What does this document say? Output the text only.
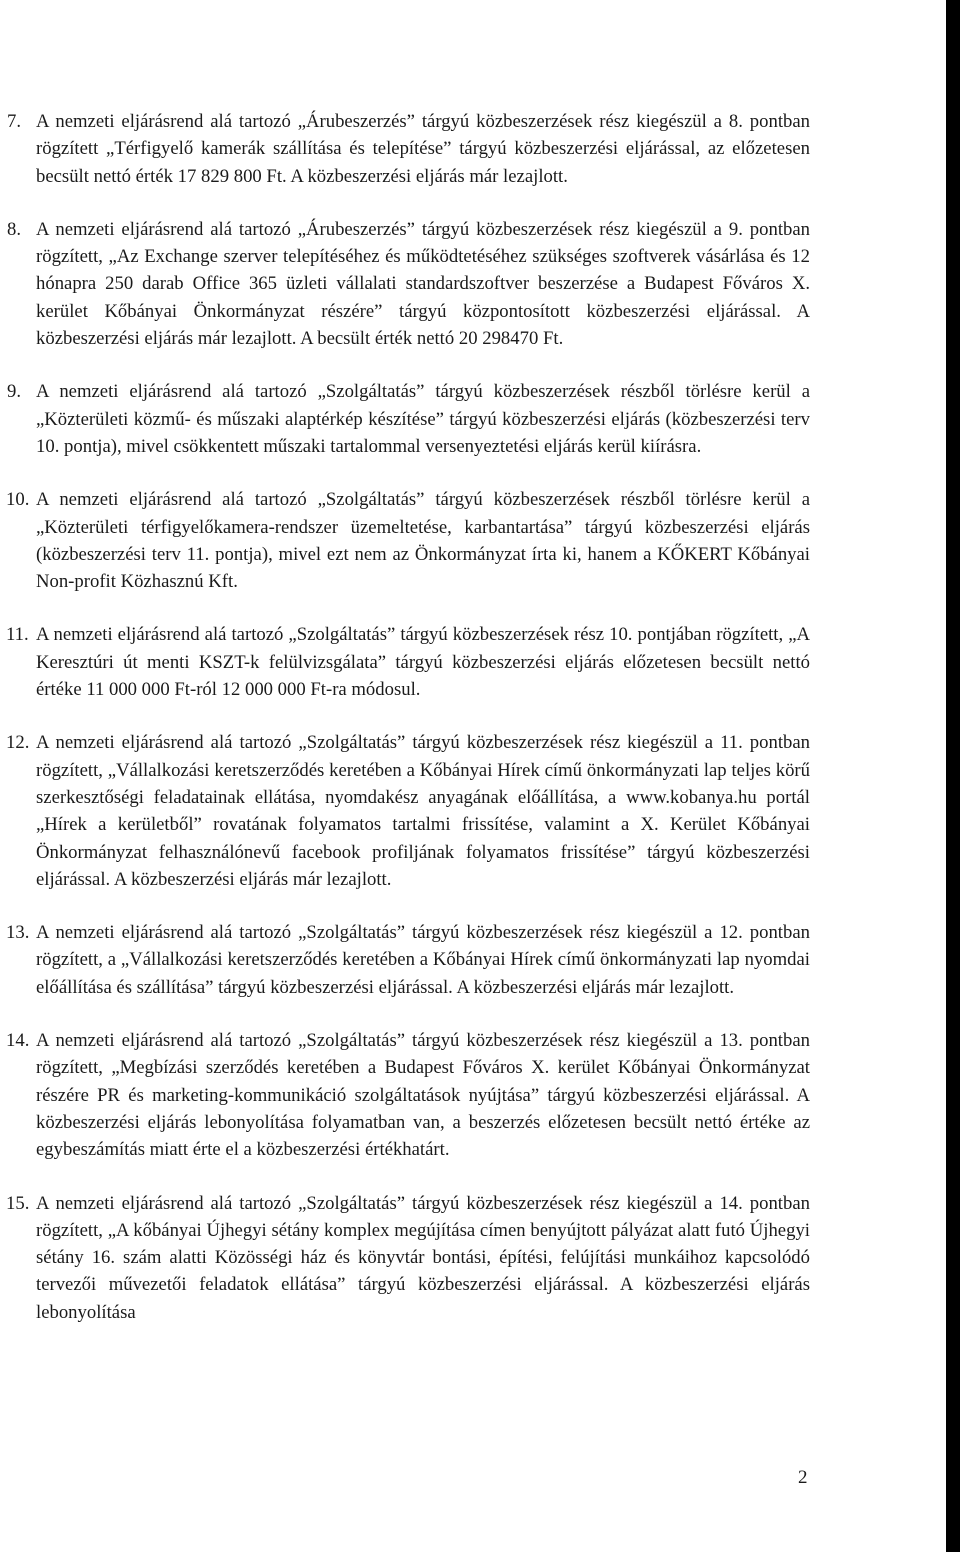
7. A nemzeti eljárásrend alá tartozó „Árubeszerzés” tárgyú közbeszerzések rész kiegészül a 8. pontban rögzített „Térfigyelő kamerák szállítása és telepítése” tárgyú közbeszerzési eljárással, az előzetesen becsült nettó érték 17 829 800 Ft. A közbeszerzési eljárás már lezajlott.
8. A nemzeti eljárásrend alá tartozó „Árubeszerzés” tárgyú közbeszerzések rész kiegészül a 9. pontban rögzített, „Az Exchange szerver telepítéséhez és működtetéséhez szükséges szoftverek vásárlása és 12 hónapra 250 darab Office 365 üzleti vállalati standardszoftver beszerzése a Budapest Főváros X. kerület Kőbányai Önkormányzat részére” tárgyú központosított közbeszerzési eljárással. A közbeszerzési eljárás már lezajlott. A becsült érték nettó 20 298470 Ft.
9. A nemzeti eljárásrend alá tartozó „Szolgáltatás” tárgyú közbeszerzések részből törlésre kerül a „Közterületi közmű- és műszaki alaptérkép készítése” tárgyú közbeszerzési eljárás (közbeszerzési terv 10. pontja), mivel csökkentett műszaki tartalommal versenyeztetési eljárás kerül kiírásra.
10. A nemzeti eljárásrend alá tartozó „Szolgáltatás” tárgyú közbeszerzések részből törlésre kerül a „Közterületi térfigyelőkamera-rendszer üzemeltetése, karbantartása” tárgyú közbeszerzési eljárás (közbeszerzési terv 11. pontja), mivel ezt nem az Önkormányzat írta ki, hanem a KŐKERT Kőbányai Non-profit Közhasznú Kft.
11. A nemzeti eljárásrend alá tartozó „Szolgáltatás” tárgyú közbeszerzések rész 10. pontjában rögzített, „A Keresztúri út menti KSZT-k felülvizsgálata” tárgyú közbeszerzési eljárás előzetesen becsült nettó értéke 11 000 000 Ft-ról 12 000 000 Ft-ra módosul.
12. A nemzeti eljárásrend alá tartozó „Szolgáltatás” tárgyú közbeszerzések rész kiegészül a 11. pontban rögzített, „Vállalkozási keretszerződés keretében a Kőbányai Hírek című önkormányzati lap teljes körű szerkesztőségi feladatainak ellátása, nyomdakész anyagának előállítása, a www.kobanya.hu portál „Hírek a kerületből” rovatának folyamatos tartalmi frissítése, valamint a X. Kerület Kőbányai Önkormányzat felhasználónevű facebook profiljának folyamatos frissítése” tárgyú közbeszerzési eljárással. A közbeszerzési eljárás már lezajlott.
13. A nemzeti eljárásrend alá tartozó „Szolgáltatás” tárgyú közbeszerzések rész kiegészül a 12. pontban rögzített, a „Vállalkozási keretszerződés keretében a Kőbányai Hírek című önkormányzati lap nyomdai előállítása és szállítása” tárgyú közbeszerzési eljárással. A közbeszerzési eljárás már lezajlott.
14. A nemzeti eljárásrend alá tartozó „Szolgáltatás” tárgyú közbeszerzések rész kiegészül a 13. pontban rögzített, „Megbízási szerződés keretében a Budapest Főváros X. kerület Kőbányai Önkormányzat részére PR és marketing-kommunikáció szolgáltatások nyújtása” tárgyú közbeszerzési eljárással. A közbeszerzési eljárás lebonyolítása folyamatban van, a beszerzés előzetesen becsült nettó értéke az egybeszámítás miatt érte el a közbeszerzési értékhatárt.
15. A nemzeti eljárásrend alá tartozó „Szolgáltatás” tárgyú közbeszerzések rész kiegészül a 14. pontban rögzített, „A kőbányai Újhegyi sétány komplex megújítása címen benyújtott pályázat alatt futó Újhegyi sétány 16. szám alatti Közösségi ház és könyvtár bontási, építési, felújítási munkáihoz kapcsolódó tervezői művezetői feladatok ellátása” tárgyú közbeszerzési eljárással. A közbeszerzési eljárás lebonyolítása
2
